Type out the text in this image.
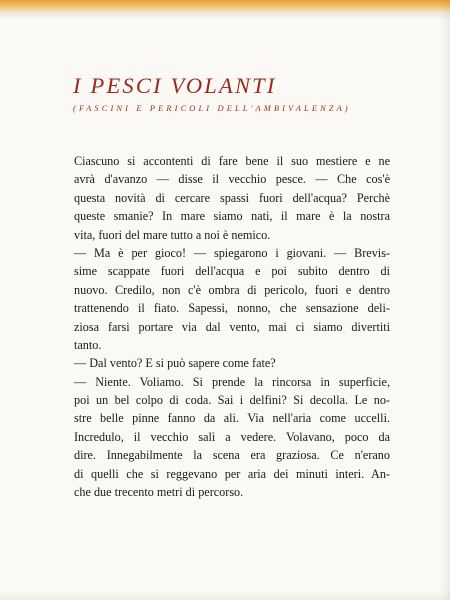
I PESCI VOLANTI
(FASCINI E PERICOLI DELL'AMBIVALENZA)
Ciascuno si accontenti di fare bene il suo mestiere e ne
avrà d'avanzo — disse il vecchio pesce. — Che cos'è
questa novità di cercare spassi fuori dell'acqua? Perchè
queste smanie? In mare siamo nati, il mare è la nostra
vita, fuori del mare tutto a noi è nemico.
— Ma è per gioco! — spiegarono i giovani. — Brevis-
sime scappate fuori dell'acqua e poi subito dentro di
nuovo. Credilo, non c'è ombra di pericolo, fuori e dentro
trattenendo il fiato. Sapessi, nonno, che sensazione deli-
ziosa farsi portare via dal vento, mai ci siamo divertiti
tanto.
— Dal vento? E si può sapere come fate?
— Niente. Voliamo. Si prende la rincorsa in superficie,
poi un bel colpo di coda. Sai i delfini? Si decolla. Le no-
stre belle pinne fanno da ali. Via nell'aria come uccelli.
Incredulo, il vecchio salì a vedere. Volavano, poco da
dire. Innegabilmente la scena era graziosa. Ce n'erano
di quelli che si reggevano per aria dei minuti interi. An-
che due trecento metri di percorso.
